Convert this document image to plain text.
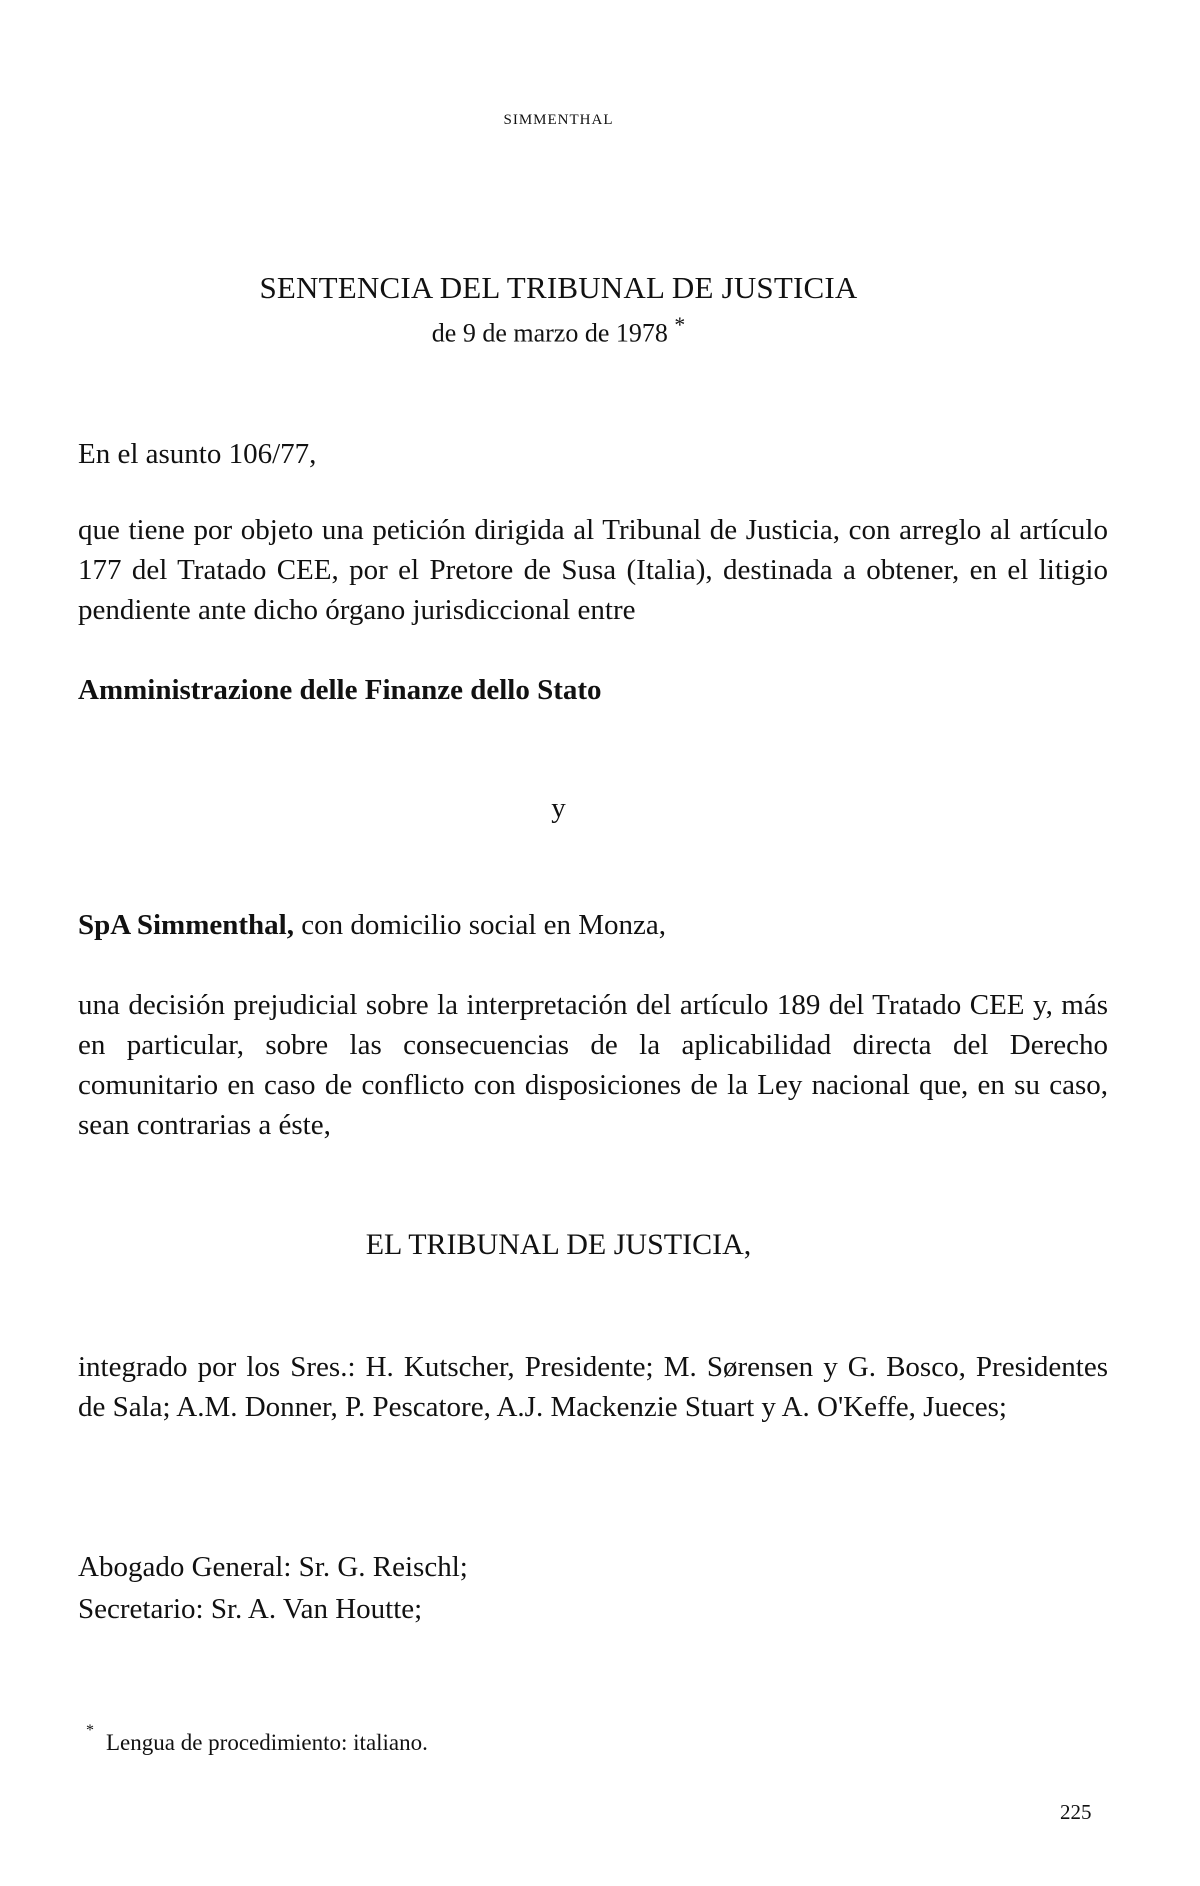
SIMMENTHAL
SENTENCIA DEL TRIBUNAL DE JUSTICIA
de 9 de marzo de 1978 *
En el asunto 106/77,
que tiene por objeto una petición dirigida al Tribunal de Justicia, con arreglo al artículo 177 del Tratado CEE, por el Pretore de Susa (Italia), destinada a obtener, en el litigio pendiente ante dicho órgano jurisdiccional entre
Amministrazione delle Finanze dello Stato
y
SpA Simmenthal, con domicilio social en Monza,
una decisión prejudicial sobre la interpretación del artículo 189 del Tratado CEE y, más en particular, sobre las consecuencias de la aplicabilidad directa del Derecho comunitario en caso de conflicto con disposiciones de la Ley nacional que, en su caso, sean contrarias a éste,
EL TRIBUNAL DE JUSTICIA,
integrado por los Sres.: H. Kutscher, Presidente; M. Sørensen y G. Bosco, Presidentes de Sala; A.M. Donner, P. Pescatore, A.J. Mackenzie Stuart y A. O'Keffe, Jueces;
Abogado General: Sr. G. Reischl;
Secretario: Sr. A. Van Houtte;
* Lengua de procedimiento: italiano.
225
